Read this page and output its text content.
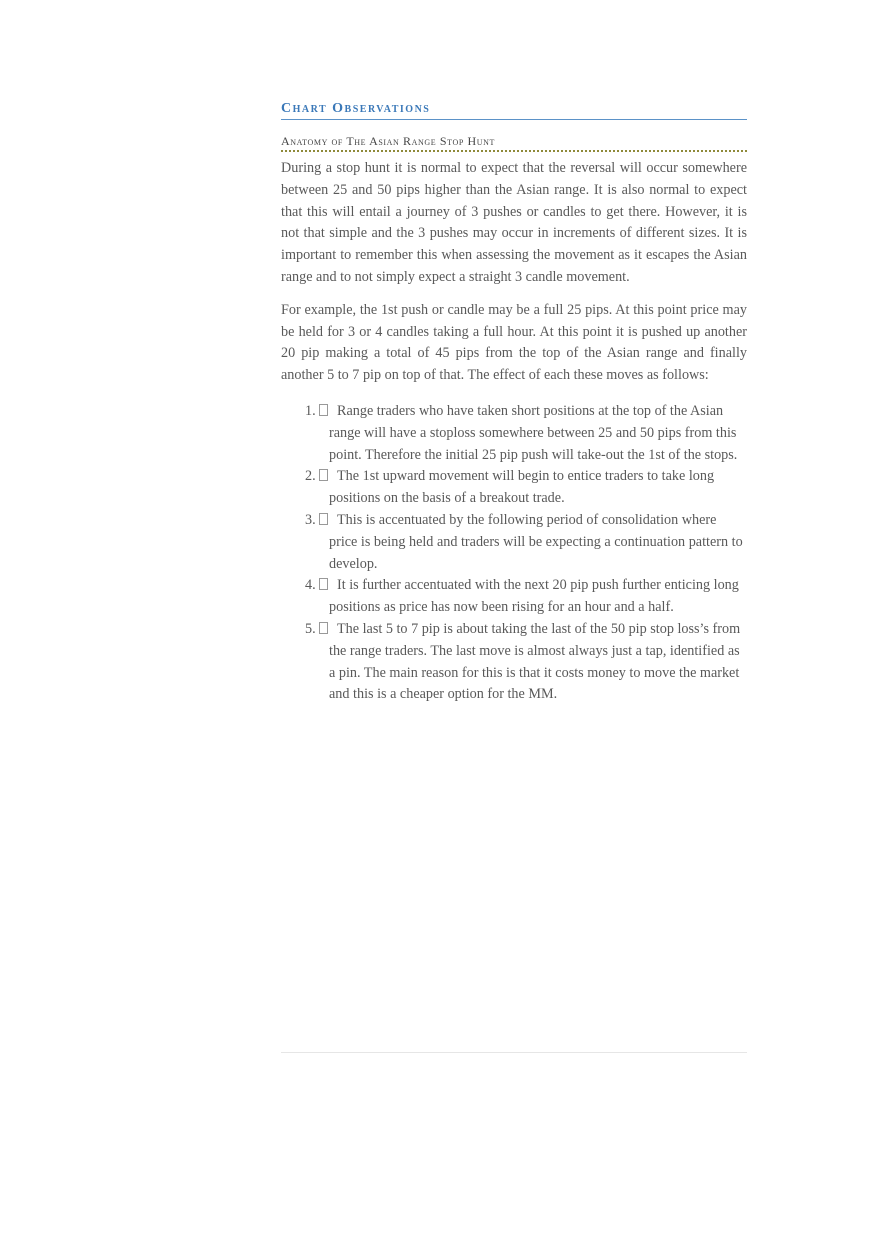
Chart Observations
Anatomy of The Asian Range Stop Hunt

During a stop hunt it is normal to expect that the reversal will occur somewhere between 25 and 50 pips higher than the Asian range. It is also normal to expect that this will entail a journey of 3 pushes or candles to get there. However, it is not that simple and the 3 pushes may occur in increments of different sizes. It is important to remember this when assessing the movement as it escapes the Asian range and to not simply expect a straight 3 candle movement.

For example, the 1st push or candle may be a full 25 pips. At this point price may be held for 3 or 4 candles taking a full hour. At this point it is pushed up another 20 pip making a total of 45 pips from the top of the Asian range and finally another 5 to 7 pip on top of that. The effect of each these moves as follows:

1.	Range traders who have taken short positions at the top of the Asian range will have a stoploss somewhere between 25 and 50 pips from this point. Therefore the initial 25 pip push will take-out the 1st of the stops.
2.	The 1st upward movement will begin to entice traders to take long positions on the basis of a breakout trade.
3.	This is accentuated by the following period of consolidation where price is being held and traders will be expecting a continuation pattern to develop.
4.	It is further accentuated with the next 20 pip push further enticing long positions as price has now been rising for an hour and a half.
5.	The last 5 to 7 pip is about taking the last of the 50 pip stop loss’s from the range traders. The last move is almost always just a tap, identified as a pin. The main reason for this is that it costs money to move the market and this is a cheaper option for the MM.
